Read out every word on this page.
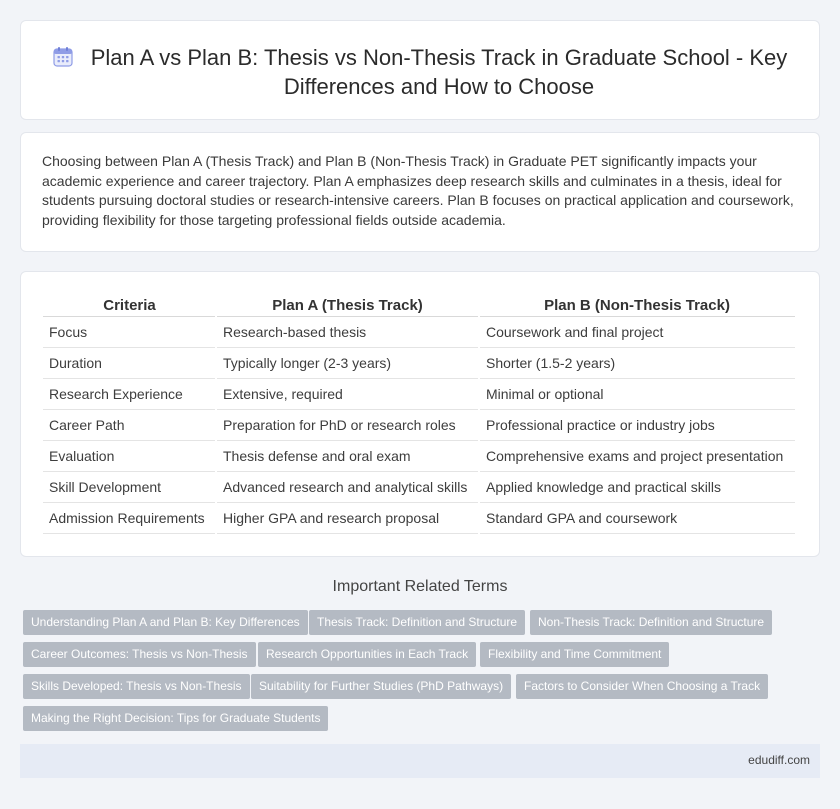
Plan A vs Plan B: Thesis vs Non-Thesis Track in Graduate School - Key Differences and How to Choose

Choosing between Plan A (Thesis Track) and Plan B (Non-Thesis Track) in Graduate PET significantly impacts your academic experience and career trajectory. Plan A emphasizes deep research skills and culminates in a thesis, ideal for students pursuing doctoral studies or research-intensive careers. Plan B focuses on practical application and coursework, providing flexibility for those targeting professional fields outside academia.

Criteria	Plan A (Thesis Track)	Plan B (Non-Thesis Track)
Focus	Research-based thesis	Coursework and final project
Duration	Typically longer (2-3 years)	Shorter (1.5-2 years)
Research Experience	Extensive, required	Minimal or optional
Career Path	Preparation for PhD or research roles	Professional practice or industry jobs
Evaluation	Thesis defense and oral exam	Comprehensive exams and project presentation
Skill Development	Advanced research and analytical skills	Applied knowledge and practical skills
Admission Requirements	Higher GPA and research proposal	Standard GPA and coursework
Important Related Terms
Understanding Plan A and Plan B: Key Differences	Thesis Track: Definition and Structure	Non-Thesis Track: Definition and Structure
Career Outcomes: Thesis vs Non-Thesis	Research Opportunities in Each Track	Flexibility and Time Commitment
Skills Developed: Thesis vs Non-Thesis	Suitability for Further Studies (PhD Pathways)	Factors to Consider When Choosing a Track
Making the Right Decision: Tips for Graduate Students
edudiff.com
